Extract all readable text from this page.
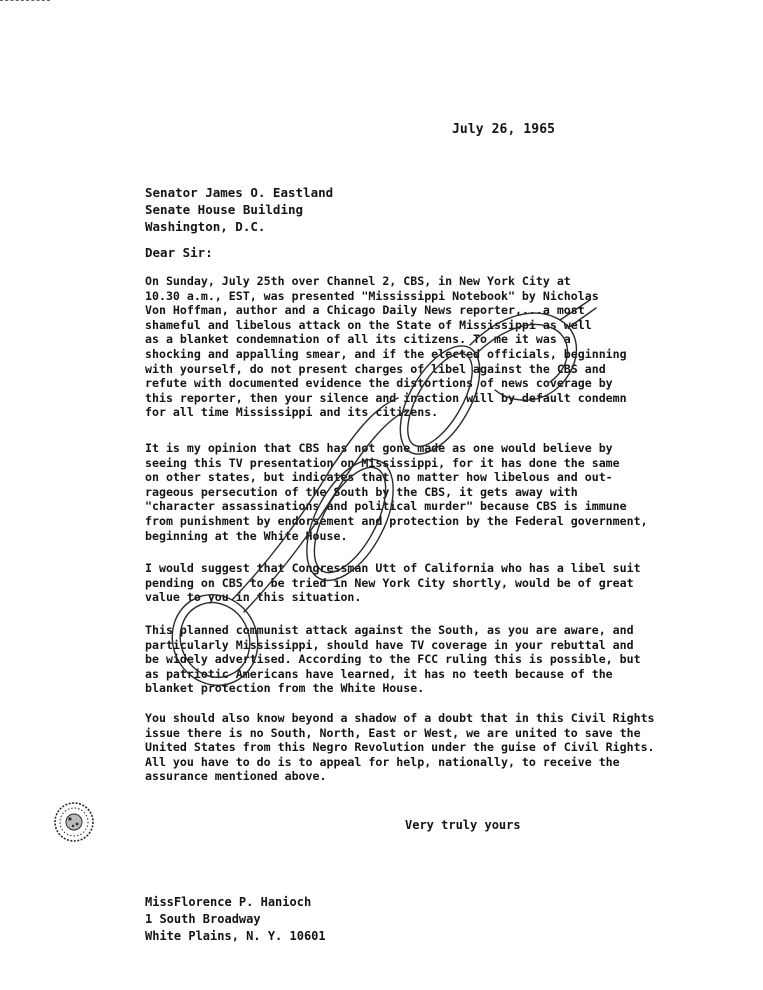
July 26, 1965
Senator James O. Eastland
Senate House Building
Washington, D.C.
Dear Sir:
On Sunday, July 25th over Channel 2, CBS, in New York City at
10.30 a.m., EST, was presented "Mississippi Notebook" by Nicholas
Von Hoffman, author and a Chicago Daily News reporter,...a most
shameful and libelous attack on the State of Mississippi as well
as a blanket condemnation of all its citizens. To me it was a
shocking and appalling smear, and if the elected officials, beginning
with yourself, do not present charges of libel against the CBS and
refute with documented evidence the distortions of news coverage by
this reporter, then your silence and inaction will by default condemn
for all time Mississippi and its citizens.
It is my opinion that CBS has not gone made as one would believe by
seeing this TV presentation on Mississippi, for it has done the same
on other states, but indicates that no matter how libelous and out-
rageous persecution of the South by the CBS, it gets away with
"character assassinations and political murder" because CBS is immune
from punishment by endorsement and protection by the Federal government,
beginning at the White House.
I would suggest that Congressman Utt of California who has a libel suit
pending on CBS to be tried in New York City shortly, would be of great
value to you in this situation.
This planned communist attack against the South, as you are aware, and
particularly Mississippi, should have TV coverage in your rebuttal and
be widely advertised. According to the FCC ruling this is possible, but
as patriotic Americans have learned, it has no teeth because of the
blanket protection from the White House.
You should also know beyond a shadow of a doubt that in this Civil Rights
issue there is no South, North, East or West, we are united to save the
United States from this Negro Revolution under the guise of Civil Rights.
All you have to do is to appeal for help, nationally, to receive the
assurance mentioned above.
Very truly yours
MissFlorence P. Hanioch
1 South Broadway
White Plains, N. Y. 10601
